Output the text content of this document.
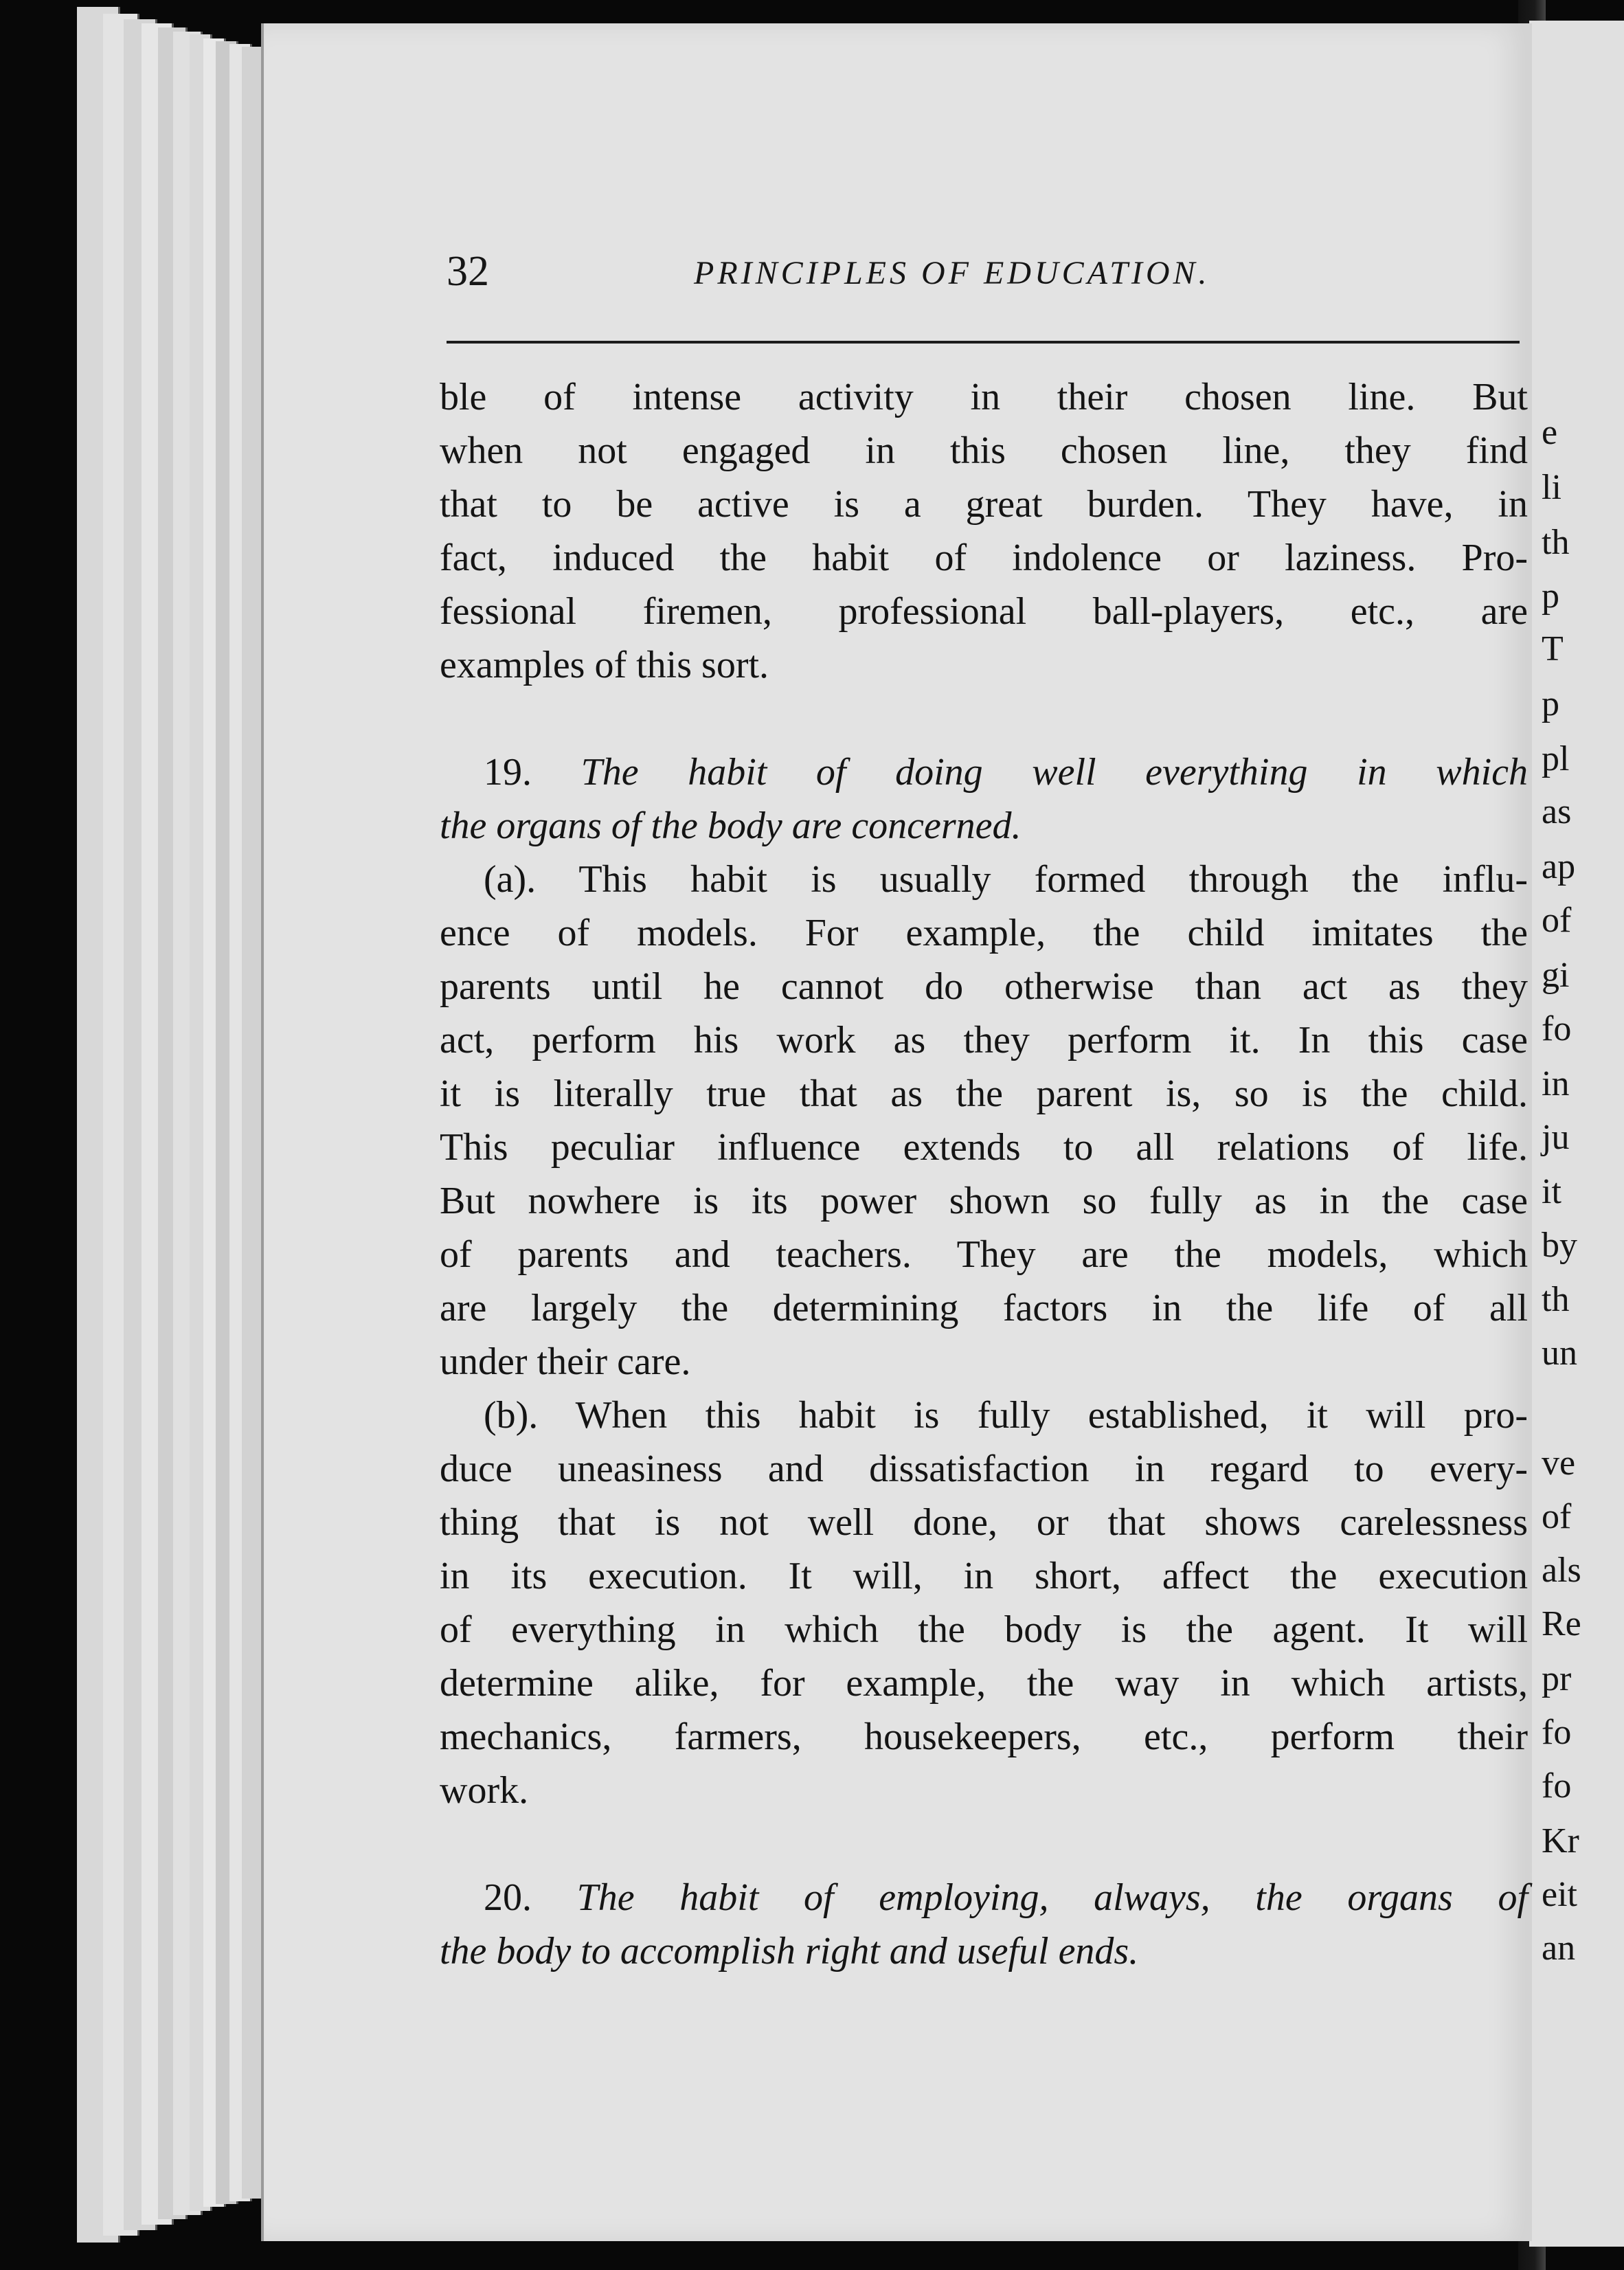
e
li
th
p
T
p
pl
as
ap
of
gi
fo
in
ju
it
by
th
un
ve
of
als
Re
pr
fo
fo
Kr
eit
an
32	PRINCIPLES OF EDUCATION.
ble of intense activity in their chosen line. But
when not engaged in this chosen line, they find
that to be active is a great burden. They have, in
fact, induced the habit of indolence or laziness. Pro-
fessional firemen, professional ball-players, etc., are
examples of this sort.
19. The habit of doing well everything in which
the organs of the body are concerned.
(a). This habit is usually formed through the influ-
ence of models. For example, the child imitates the
parents until he cannot do otherwise than act as they
act, perform his work as they perform it. In this case
it is literally true that as the parent is, so is the child.
This peculiar influence extends to all relations of life.
But nowhere is its power shown so fully as in the case
of parents and teachers. They are the models, which
are largely the determining factors in the life of all
under their care.
(b). When this habit is fully established, it will pro-
duce uneasiness and dissatisfaction in regard to every-
thing that is not well done, or that shows carelessness
in its execution. It will, in short, affect the execution
of everything in which the body is the agent. It will
determine alike, for example, the way in which artists,
mechanics, farmers, housekeepers, etc., perform their
work.
20. The habit of employing, always, the organs of
the body to accomplish right and useful ends.
